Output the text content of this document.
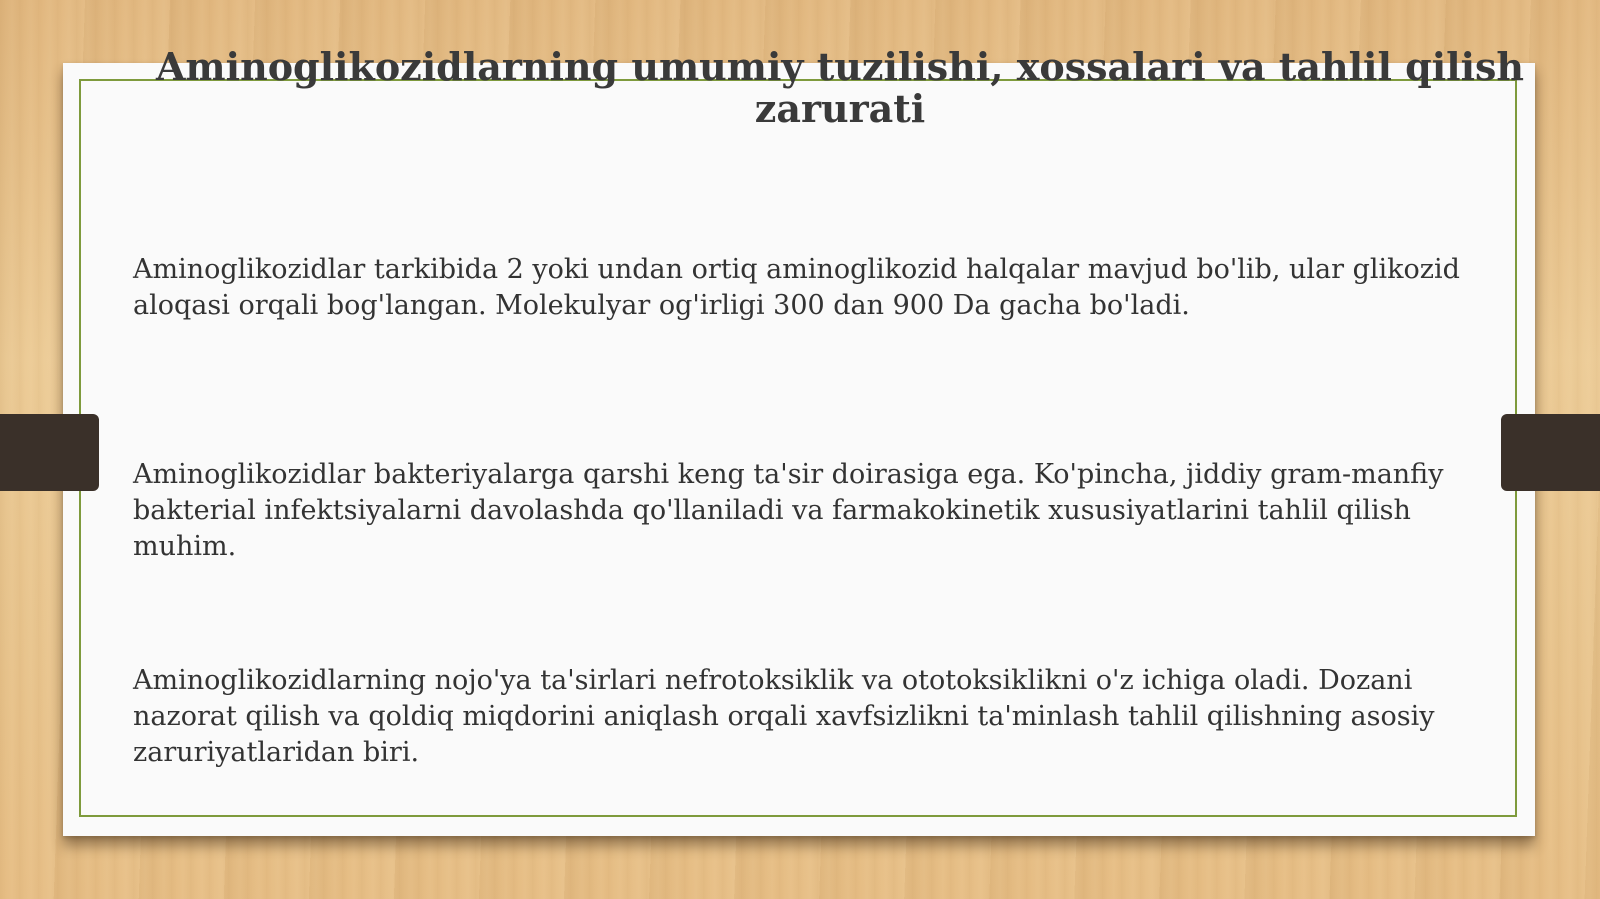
Aminoglikozidlarning umumiy tuzilishi, xossalari va tahlil qilish zarurati

Aminoglikozidlar tarkibida 2 yoki undan ortiq aminoglikozid halqalar mavjud bo'lib, ular glikozid aloqasi orqali bog'langan. Molekulyar og'irligi 300 dan 900 Da gacha bo'ladi.

Aminoglikozidlar bakteriyalarga qarshi keng ta'sir doirasiga ega. Ko'pincha, jiddiy gram-manfiy bakterial infektsiyalarni davolashda qo'llaniladi va farmakokinetik xususiyatlarini tahlil qilish muhim.

Aminoglikozidlarning nojo'ya ta'sirlari nefrotoksiklik va ototoksiklikni o'z ichiga oladi. Dozani nazorat qilish va qoldiq miqdorini aniqlash orqali xavfsizlikni ta'minlash tahlil qilishning asosiy zaruriyatlaridan biri.
